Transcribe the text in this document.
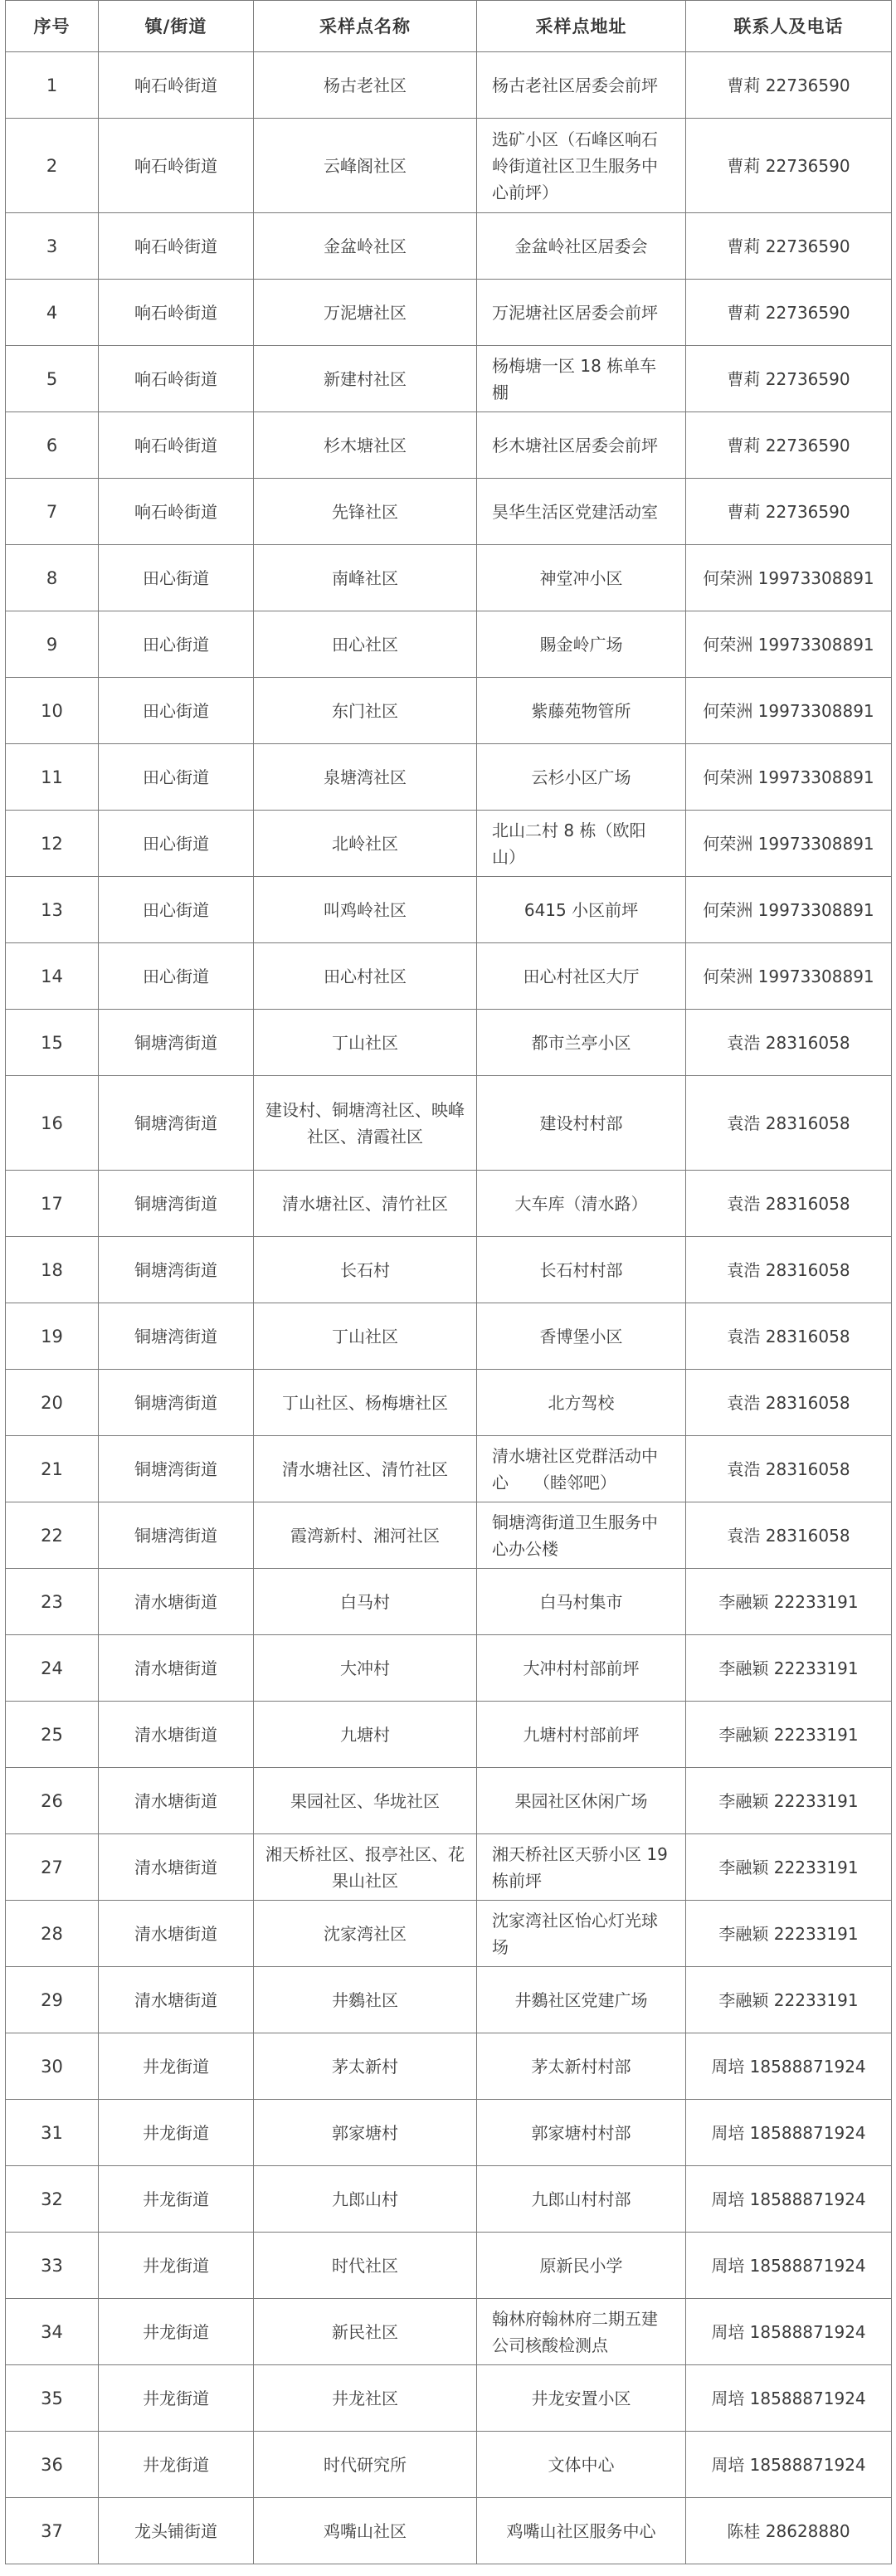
序号	镇/街道	采样点名称	采样点地址	联系人及电话
1	响石岭街道	杨古老社区	杨古老社区居委会前坪	曹莉 22736590
2	响石岭街道	云峰阁社区	选矿小区（石峰区响石岭街道社区卫生服务中心前坪）	曹莉 22736590
3	响石岭街道	金盆岭社区	金盆岭社区居委会	曹莉 22736590
4	响石岭街道	万泥塘社区	万泥塘社区居委会前坪	曹莉 22736590
5	响石岭街道	新建村社区	杨梅塘一区 18 栋单车棚	曹莉 22736590
6	响石岭街道	杉木塘社区	杉木塘社区居委会前坪	曹莉 22736590
7	响石岭街道	先锋社区	昊华生活区党建活动室	曹莉 22736590
8	田心街道	南峰社区	神堂冲小区	何荣洲 19973308891
9	田心街道	田心社区	賜金岭广场	何荣洲 19973308891
10	田心街道	东门社区	紫藤苑物管所	何荣洲 19973308891
11	田心街道	泉塘湾社区	云杉小区广场	何荣洲 19973308891
12	田心街道	北岭社区	北山二村 8 栋（欧阳山）	何荣洲 19973308891
13	田心街道	叫鸡岭社区	6415 小区前坪	何荣洲 19973308891
14	田心街道	田心村社区	田心村社区大厅	何荣洲 19973308891
15	铜塘湾街道	丁山社区	都市兰亭小区	袁浩 28316058
16	铜塘湾街道	建设村、铜塘湾社区、映峰社区、清霞社区	建设村村部	袁浩 28316058
17	铜塘湾街道	清水塘社区、清竹社区	大车库（清水路）	袁浩 28316058
18	铜塘湾街道	长石村	长石村村部	袁浩 28316058
19	铜塘湾街道	丁山社区	香博堡小区	袁浩 28316058
20	铜塘湾街道	丁山社区、杨梅塘社区	北方驾校	袁浩 28316058
21	铜塘湾街道	清水塘社区、清竹社区	清水塘社区党群活动中心　　（睦邻吧）	袁浩 28316058
22	铜塘湾街道	霞湾新村、湘河社区	铜塘湾街道卫生服务中心办公楼	袁浩 28316058
23	清水塘街道	白马村	白马村集市	李融颖 22233191
24	清水塘街道	大冲村	大冲村村部前坪	李融颖 22233191
25	清水塘街道	九塘村	九塘村村部前坪	李融颖 22233191
26	清水塘街道	果园社区、华垅社区	果园社区休闲广场	李融颖 22233191
27	清水塘街道	湘天桥社区、报亭社区、花果山社区	湘天桥社区天骄小区 19 栋前坪	李融颖 22233191
28	清水塘街道	沈家湾社区	沈家湾社区怡心灯光球场	李融颖 22233191
29	清水塘街道	井𪄳社区	井𪄳社区党建广场	李融颖 22233191
30	井龙街道	茅太新村	茅太新村村部	周培 18588871924
31	井龙街道	郭家塘村	郭家塘村村部	周培 18588871924
32	井龙街道	九郎山村	九郎山村村部	周培 18588871924
33	井龙街道	时代社区	原新民小学	周培 18588871924
34	井龙街道	新民社区	翰林府翰林府二期五建公司核酸检测点	周培 18588871924
35	井龙街道	井龙社区	井龙安置小区	周培 18588871924
36	井龙街道	时代研究所	文体中心	周培 18588871924
37	龙头铺街道	鸡嘴山社区	鸡嘴山社区服务中心	陈桂 28628880
